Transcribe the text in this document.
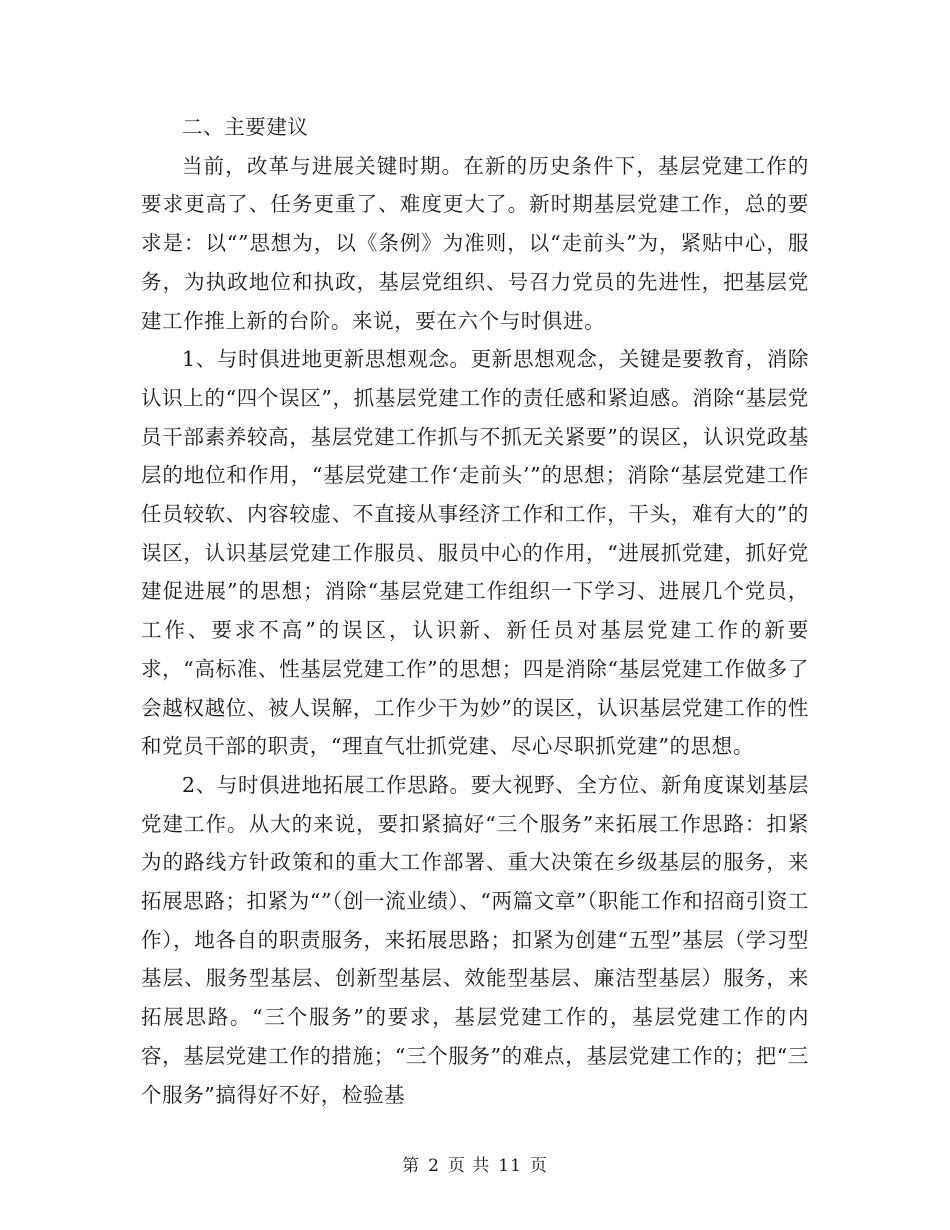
二、主要建议

当前，改革与进展关键时期。在新的历史条件下，基层党建工作的要求更高了、任务更重了、难度更大了。新时期基层党建工作，总的要求是：以“”思想为，以《条例》为准则，以“走前头”为，紧贴中心，服务，为执政地位和执政，基层党组织、号召力党员的先进性，把基层党建工作推上新的台阶。来说，要在六个与时俱进。

1、与时俱进地更新思想观念。更新思想观念，关键是要教育，消除认识上的“四个误区”，抓基层党建工作的责任感和紧迫感。消除“基层党员干部素养较高，基层党建工作抓与不抓无关紧要”的误区，认识党政基层的地位和作用，“基层党建工作‘走前头’”的思想；消除“基层党建工作任员较软、内容较虚、不直接从事经济工作和工作，干头，难有大的”的误区，认识基层党建工作服员、服员中心的作用，“进展抓党建，抓好党建促进展”的思想；消除“基层党建工作组织一下学习、进展几个党员，工作、要求不高”的误区，认识新、新任员对基层党建工作的新要求，“高标准、性基层党建工作”的思想；四是消除“基层党建工作做多了会越权越位、被人误解，工作少干为妙”的误区，认识基层党建工作的性和党员干部的职责，“理直气壮抓党建、尽心尽职抓党建”的思想。

2、与时俱进地拓展工作思路。要大视野、全方位、新角度谋划基层党建工作。从大的来说，要扣紧搞好“三个服务”来拓展工作思路：扣紧为的路线方针政策和的重大工作部署、重大决策在乡级基层的服务，来拓展思路；扣紧为“”（创一流业绩）、“两篇文章”（职能工作和招商引资工作），地各自的职责服务，来拓展思路；扣紧为创建“五型”基层（学习型基层、服务型基层、创新型基层、效能型基层、廉洁型基层）服务，来拓展思路。“三个服务”的要求，基层党建工作的，基层党建工作的内容，基层党建工作的措施；“三个服务”的难点，基层党建工作的；把“三个服务”搞得好不好，检验基

第 2 页 共 11 页
